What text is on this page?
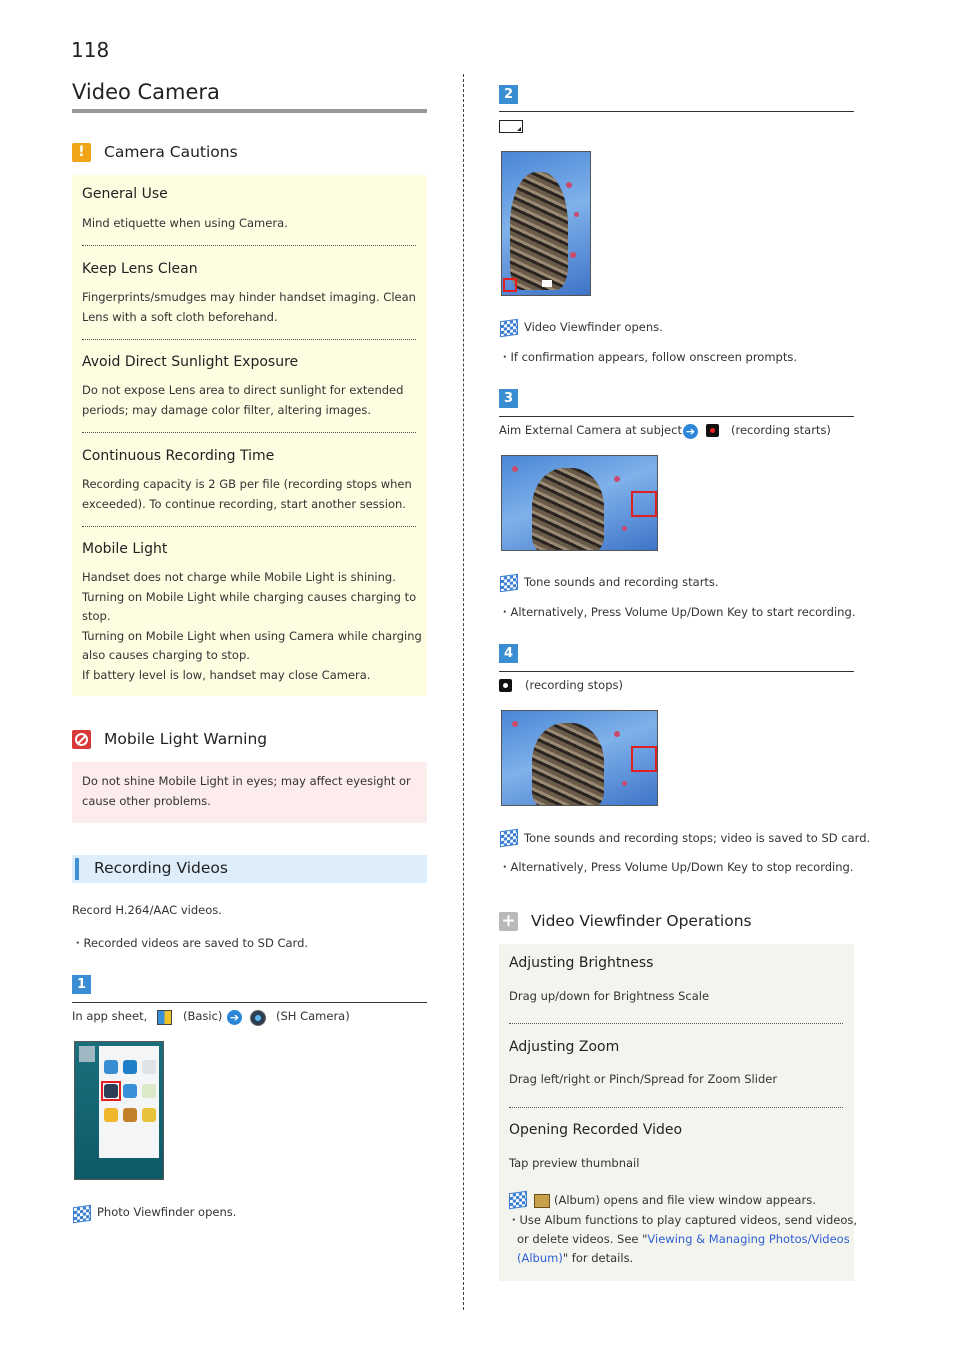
118
Video Camera
!	Camera Cautions
General Use
Mind etiquette when using Camera.
Keep Lens Clean
Fingerprints/smudges may hinder handset imaging. Clean
Lens with a soft cloth beforehand.
Avoid Direct Sunlight Exposure
Do not expose Lens area to direct sunlight for extended
periods; may damage color filter, altering images.
Continuous Recording Time
Recording capacity is 2 GB per file (recording stops when
exceeded). To continue recording, start another session.
Mobile Light
Handset does not charge while Mobile Light is shining.
Turning on Mobile Light while charging causes charging to
stop.
Turning on Mobile Light when using Camera while charging
also causes charging to stop.
If battery level is low, handset may close Camera.
Mobile Light Warning
Do not shine Mobile Light in eyes; may affect eyesight or
cause other problems.
Recording Videos
Record H.264/AAC videos.
・Recorded videos are saved to SD Card.
1
In app sheet,	(Basic) ➔	(SH Camera)
Photo Viewfinder opens.
2
Video Viewfinder opens.
・If confirmation appears, follow onscreen prompts.
3
Aim External Camera at subject ➔	(recording starts)
Tone sounds and recording starts.
・Alternatively, Press Volume Up/Down Key to start recording.
4
(recording stops)
Tone sounds and recording stops; video is saved to SD card.
・Alternatively, Press Volume Up/Down Key to stop recording.
+ Video Viewfinder Operations
Adjusting Brightness
Drag up/down for Brightness Scale
Adjusting Zoom
Drag left/right or Pinch/Spread for Zoom Slider
Opening Recorded Video
Tap preview thumbnail
(Album) opens and file view window appears.
・Use Album functions to play captured videos, send videos,
or delete videos. See "Viewing & Managing Photos/Videos
(Album)" for details.
